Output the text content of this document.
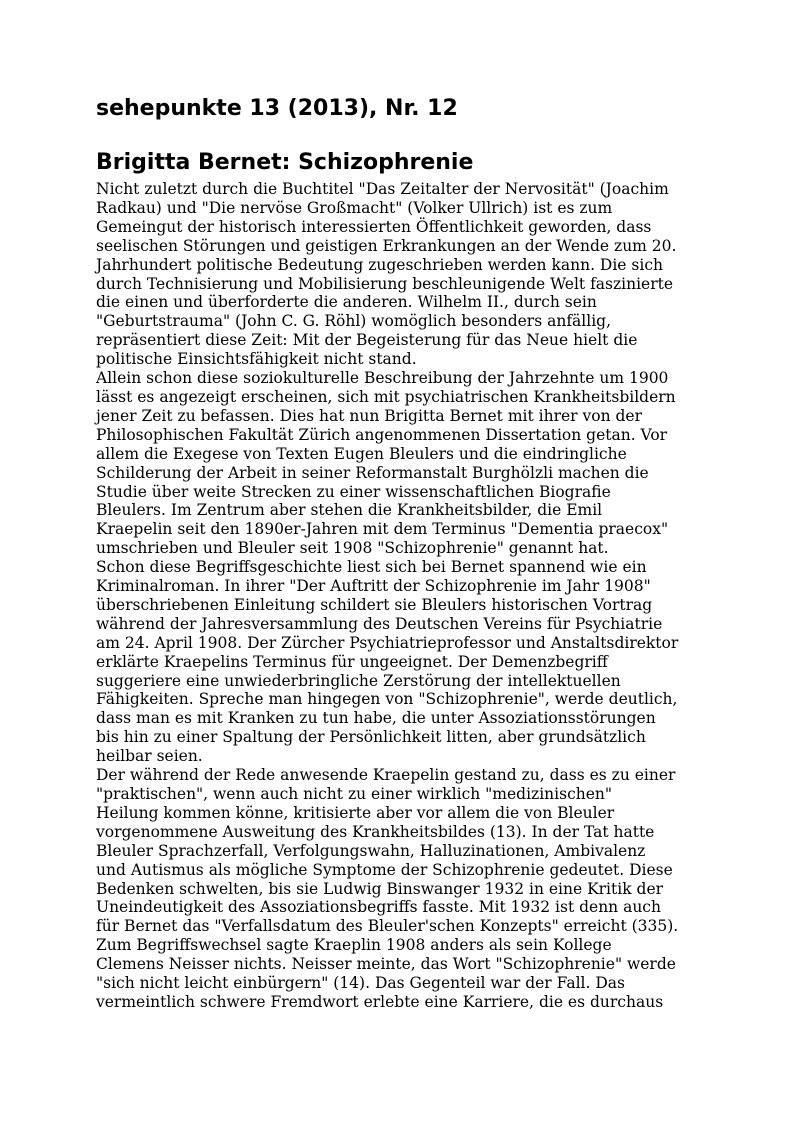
sehepunkte 13 (2013), Nr. 12
Brigitta Bernet: Schizophrenie
Nicht zuletzt durch die Buchtitel "Das Zeitalter der Nervosität" (Joachim
Radkau) und "Die nervöse Großmacht" (Volker Ullrich) ist es zum
Gemeingut der historisch interessierten Öffentlichkeit geworden, dass
seelischen Störungen und geistigen Erkrankungen an der Wende zum 20.
Jahrhundert politische Bedeutung zugeschrieben werden kann. Die sich
durch Technisierung und Mobilisierung beschleunigende Welt faszinierte
die einen und überforderte die anderen. Wilhelm II., durch sein
"Geburtstrauma" (John C. G. Röhl) womöglich besonders anfällig,
repräsentiert diese Zeit: Mit der Begeisterung für das Neue hielt die
politische Einsichtsfähigkeit nicht stand.
Allein schon diese soziokulturelle Beschreibung der Jahrzehnte um 1900
lässt es angezeigt erscheinen, sich mit psychiatrischen Krankheitsbildern
jener Zeit zu befassen. Dies hat nun Brigitta Bernet mit ihrer von der
Philosophischen Fakultät Zürich angenommenen Dissertation getan. Vor
allem die Exegese von Texten Eugen Bleulers und die eindringliche
Schilderung der Arbeit in seiner Reformanstalt Burghölzli machen die
Studie über weite Strecken zu einer wissenschaftlichen Biografie
Bleulers. Im Zentrum aber stehen die Krankheitsbilder, die Emil
Kraepelin seit den 1890er-Jahren mit dem Terminus "Dementia praecox"
umschrieben und Bleuler seit 1908 "Schizophrenie" genannt hat.
Schon diese Begriffsgeschichte liest sich bei Bernet spannend wie ein
Kriminalroman. In ihrer "Der Auftritt der Schizophrenie im Jahr 1908"
überschriebenen Einleitung schildert sie Bleulers historischen Vortrag
während der Jahresversammlung des Deutschen Vereins für Psychiatrie
am 24. April 1908. Der Zürcher Psychiatrieprofessor und Anstaltsdirektor
erklärte Kraepelins Terminus für ungeeignet. Der Demenzbegriff
suggeriere eine unwiederbringliche Zerstörung der intellektuellen
Fähigkeiten. Spreche man hingegen von "Schizophrenie", werde deutlich,
dass man es mit Kranken zu tun habe, die unter Assoziationsstörungen
bis hin zu einer Spaltung der Persönlichkeit litten, aber grundsätzlich
heilbar seien.
Der während der Rede anwesende Kraepelin gestand zu, dass es zu einer
"praktischen", wenn auch nicht zu einer wirklich "medizinischen"
Heilung kommen könne, kritisierte aber vor allem die von Bleuler
vorgenommene Ausweitung des Krankheitsbildes (13). In der Tat hatte
Bleuler Sprachzerfall, Verfolgungswahn, Halluzinationen, Ambivalenz
und Autismus als mögliche Symptome der Schizophrenie gedeutet. Diese
Bedenken schwelten, bis sie Ludwig Binswanger 1932 in eine Kritik der
Uneindeutigkeit des Assoziationsbegriffs fasste. Mit 1932 ist denn auch
für Bernet das "Verfallsdatum des Bleuler'schen Konzepts" erreicht (335).
Zum Begriffswechsel sagte Kraeplin 1908 anders als sein Kollege
Clemens Neisser nichts. Neisser meinte, das Wort "Schizophrenie" werde
"sich nicht leicht einbürgern" (14). Das Gegenteil war der Fall. Das
vermeintlich schwere Fremdwort erlebte eine Karriere, die es durchaus
